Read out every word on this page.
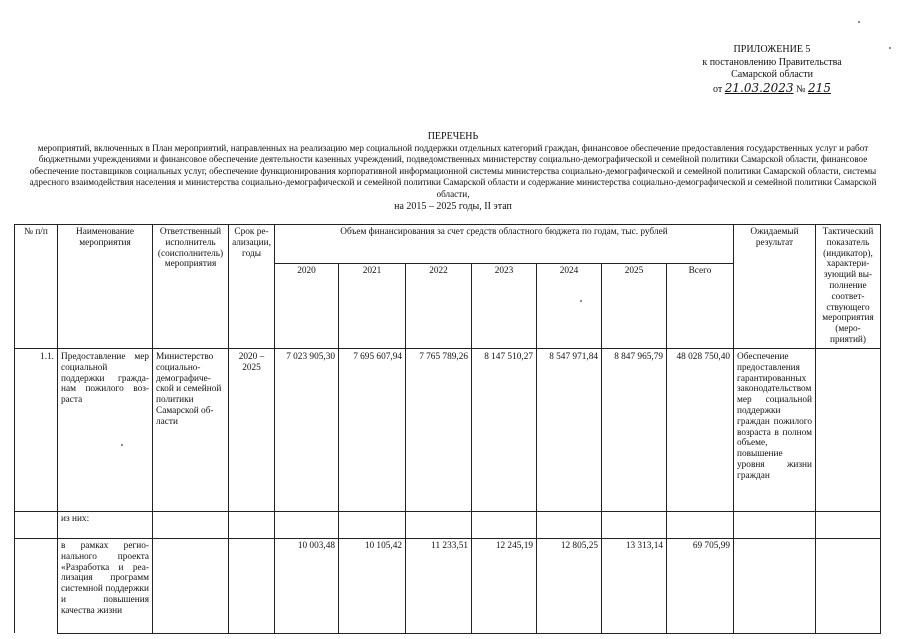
ПРИЛОЖЕНИЕ 5
к постановлению Правительства
Самарской области
от 21.03.2023 № 215
ПЕРЕЧЕНЬ
мероприятий, включенных в План мероприятий, направленных на реализацию мер социальной поддержки отдельных категорий граждан, финансовое обеспечение предоставления государственных услуг и работ бюджетными учреждениями и финансовое обеспечение деятельности казенных учреждений, подведомственных министерству социально-демографической и семейной политики Самарской области, финансовое обеспечение поставщиков социальных услуг, обеспечение функционирования корпоративной информационной системы министерства социально-демографической и семейной политики Самарской области, системы адресного взаимодействия населения и министерства социально-демографической и семейной политики Самарской области и содержание министерства социально-демографической и семейной политики Самарской области,
на 2015 – 2025 годы, II этап
№ п/п	Наименование мероприятия	Ответственный исполнитель (соисполнитель) мероприятия	Срок реализации, годы	Объем финансирования за счет средств областного бюджета по годам, тыс. рублей							Ожидаемый результат	Тактический показатель (индикатор), характеризующий выполнение соответствующего мероприятия (мероприятий)
				2020	2021	2022	2023	2024	2025	Всего		
1.1.	Предоставление мер социальной поддержки гражданам пожилого возраста	Министерство социально-демографической и семейной политики Самарской области	2020 – 2025	7 023 905,30	7 695 607,94	7 765 789,26	8 147 510,27	8 547 971,84	8 847 965,79	48 028 750,40	Обеспечение предоставления гарантированных законодательством мер социальной поддержки граждан пожилого возраста в полном объеме, повышение уровня жизни граждан	
	из них:											
	в рамках регионального проекта «Разработка и реализация программ системной поддержки и повышения качества жизни			10 003,48	10 105,42	11 233,51	12 245,19	12 805,25	13 313,14	69 705,99		
